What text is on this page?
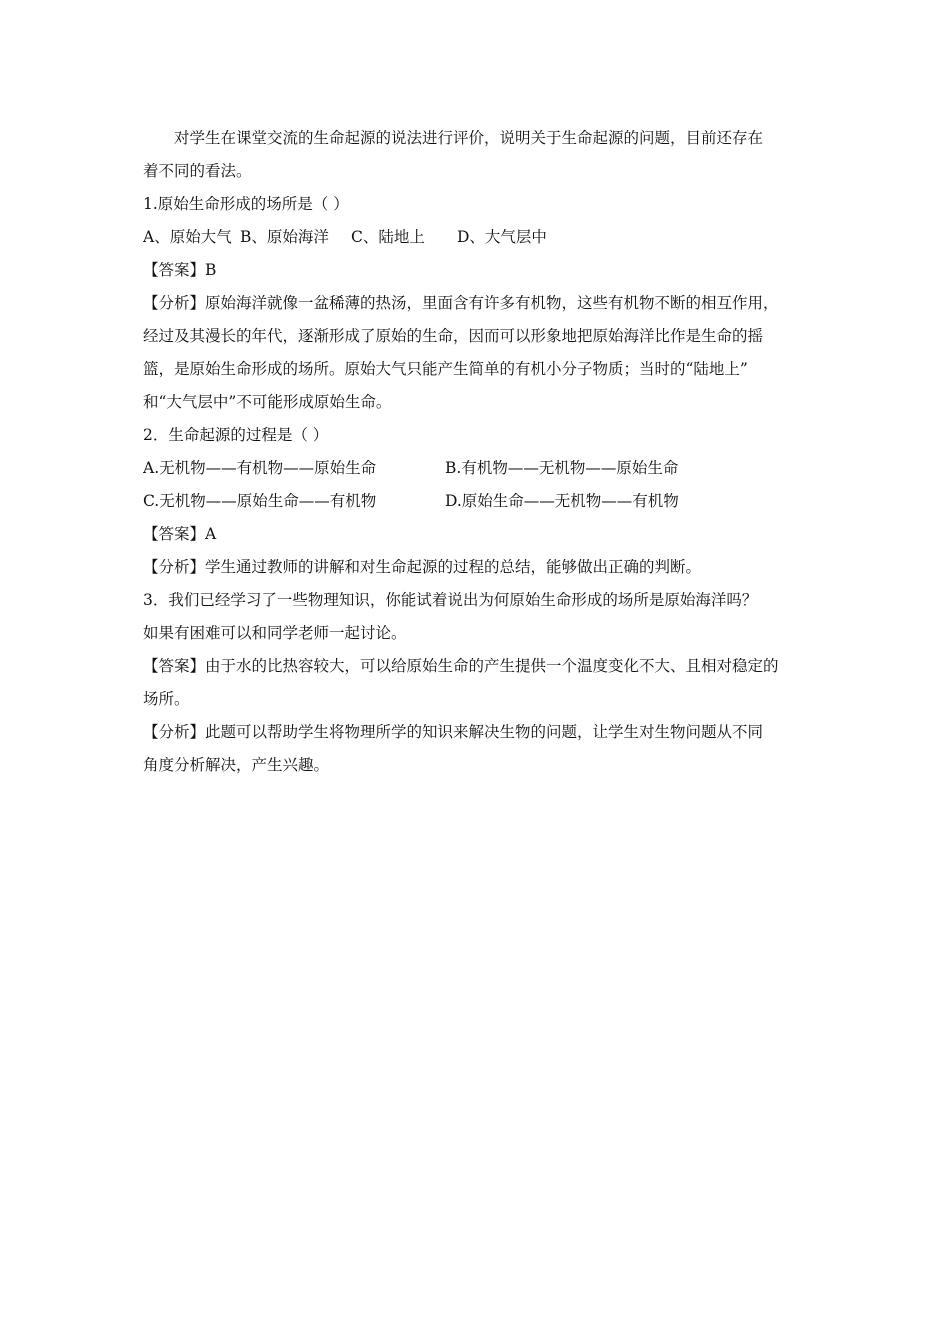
对学生在课堂交流的生命起源的说法进行评价，说明关于生命起源的问题，目前还存在
着不同的看法。
1.原始生命形成的场所是（ ）
A、原始大气 B、原始海洋 C、陆地上 D、大气层中
【答案】B
【分析】原始海洋就像一盆稀薄的热汤，里面含有许多有机物，这些有机物不断的相互作用，
经过及其漫长的年代，逐渐形成了原始的生命，因而可以形象地把原始海洋比作是生命的摇
篮，是原始生命形成的场所。原始大气只能产生简单的有机小分子物质；当时的“陆地上”
和“大气层中”不可能形成原始生命。
2．生命起源的过程是（ ）
A.无机物——有机物——原始生命	B.有机物——无机物——原始生命
C.无机物——原始生命——有机物	D.原始生命——无机物——有机物
【答案】A
【分析】学生通过教师的讲解和对生命起源的过程的总结，能够做出正确的判断。
3．我们已经学习了一些物理知识，你能试着说出为何原始生命形成的场所是原始海洋吗？
如果有困难可以和同学老师一起讨论。
【答案】由于水的比热容较大，可以给原始生命的产生提供一个温度变化不大、且相对稳定的
场所。
【分析】此题可以帮助学生将物理所学的知识来解决生物的问题，让学生对生物问题从不同
角度分析解决，产生兴趣。
